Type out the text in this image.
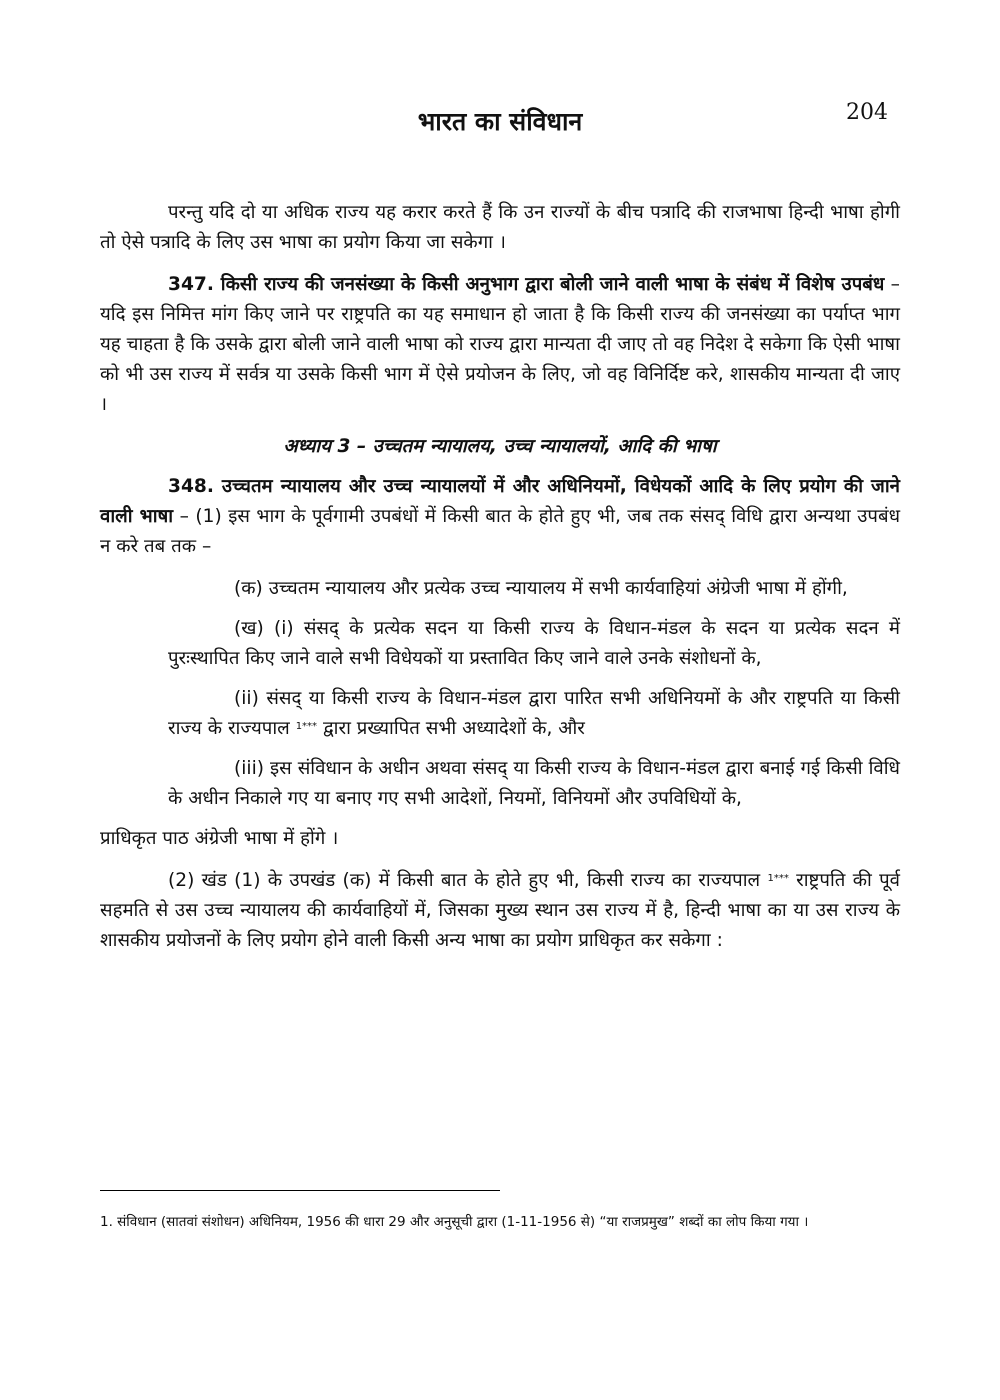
भारत का संविधान	204

परन्तु यदि दो या अधिक राज्य यह करार करते हैं कि उन राज्यों के बीच पत्रादि की राजभाषा हिन्दी भाषा होगी तो ऐसे पत्रादि के लिए उस भाषा का प्रयोग किया जा सकेगा ।

347. किसी राज्य की जनसंख्या के किसी अनुभाग द्वारा बोली जाने वाली भाषा के संबंध में विशेष उपबंध – यदि इस निमित्त मांग किए जाने पर राष्ट्रपति का यह समाधान हो जाता है कि किसी राज्य की जनसंख्या का पर्याप्त भाग यह चाहता है कि उसके द्वारा बोली जाने वाली भाषा को राज्य द्वारा मान्यता दी जाए तो वह निदेश दे सकेगा कि ऐसी भाषा को भी उस राज्य में सर्वत्र या उसके किसी भाग में ऐसे प्रयोजन के लिए, जो वह विनिर्दिष्ट करे, शासकीय मान्यता दी जाए ।

अध्याय 3 – उच्चतम न्यायालय, उच्च न्यायालयों, आदि की भाषा

348. उच्चतम न्यायालय और उच्च न्यायालयों में और अधिनियमों, विधेयकों आदि के लिए प्रयोग की जाने वाली भाषा – (1) इस भाग के पूर्वगामी उपबंधों में किसी बात के होते हुए भी, जब तक संसद् विधि द्वारा अन्यथा उपबंध न करे तब तक –

(क) उच्चतम न्यायालय और प्रत्येक उच्च न्यायालय में सभी कार्यवाहियां अंग्रेजी भाषा में होंगी,

(ख) (i) संसद् के प्रत्येक सदन या किसी राज्य के विधान-मंडल के सदन या प्रत्येक सदन में पुरःस्थापित किए जाने वाले सभी विधेयकों या प्रस्तावित किए जाने वाले उनके संशोधनों के,

(ii) संसद् या किसी राज्य के विधान-मंडल द्वारा पारित सभी अधिनियमों के और राष्ट्रपति या किसी राज्य के राज्यपाल $^{1***}$ द्वारा प्रख्यापित सभी अध्यादेशों के, और

(iii) इस संविधान के अधीन अथवा संसद् या किसी राज्य के विधान-मंडल द्वारा बनाई गई किसी विधि के अधीन निकाले गए या बनाए गए सभी आदेशों, नियमों, विनियमों और उपविधियों के,

प्राधिकृत पाठ अंग्रेजी भाषा में होंगे ।

(2) खंड (1) के उपखंड (क) में किसी बात के होते हुए भी, किसी राज्य का राज्यपाल $^{1***}$ राष्ट्रपति की पूर्व सहमति से उस उच्च न्यायालय की कार्यवाहियों में, जिसका मुख्य स्थान उस राज्य में है, हिन्दी भाषा का या उस राज्य के शासकीय प्रयोजनों के लिए प्रयोग होने वाली किसी अन्य भाषा का प्रयोग प्राधिकृत कर सकेगा :

1. संविधान (सातवां संशोधन) अधिनियम, 1956 की धारा 29 और अनुसूची द्वारा (1-11-1956 से) “या राजप्रमुख” शब्दों का लोप किया गया ।
